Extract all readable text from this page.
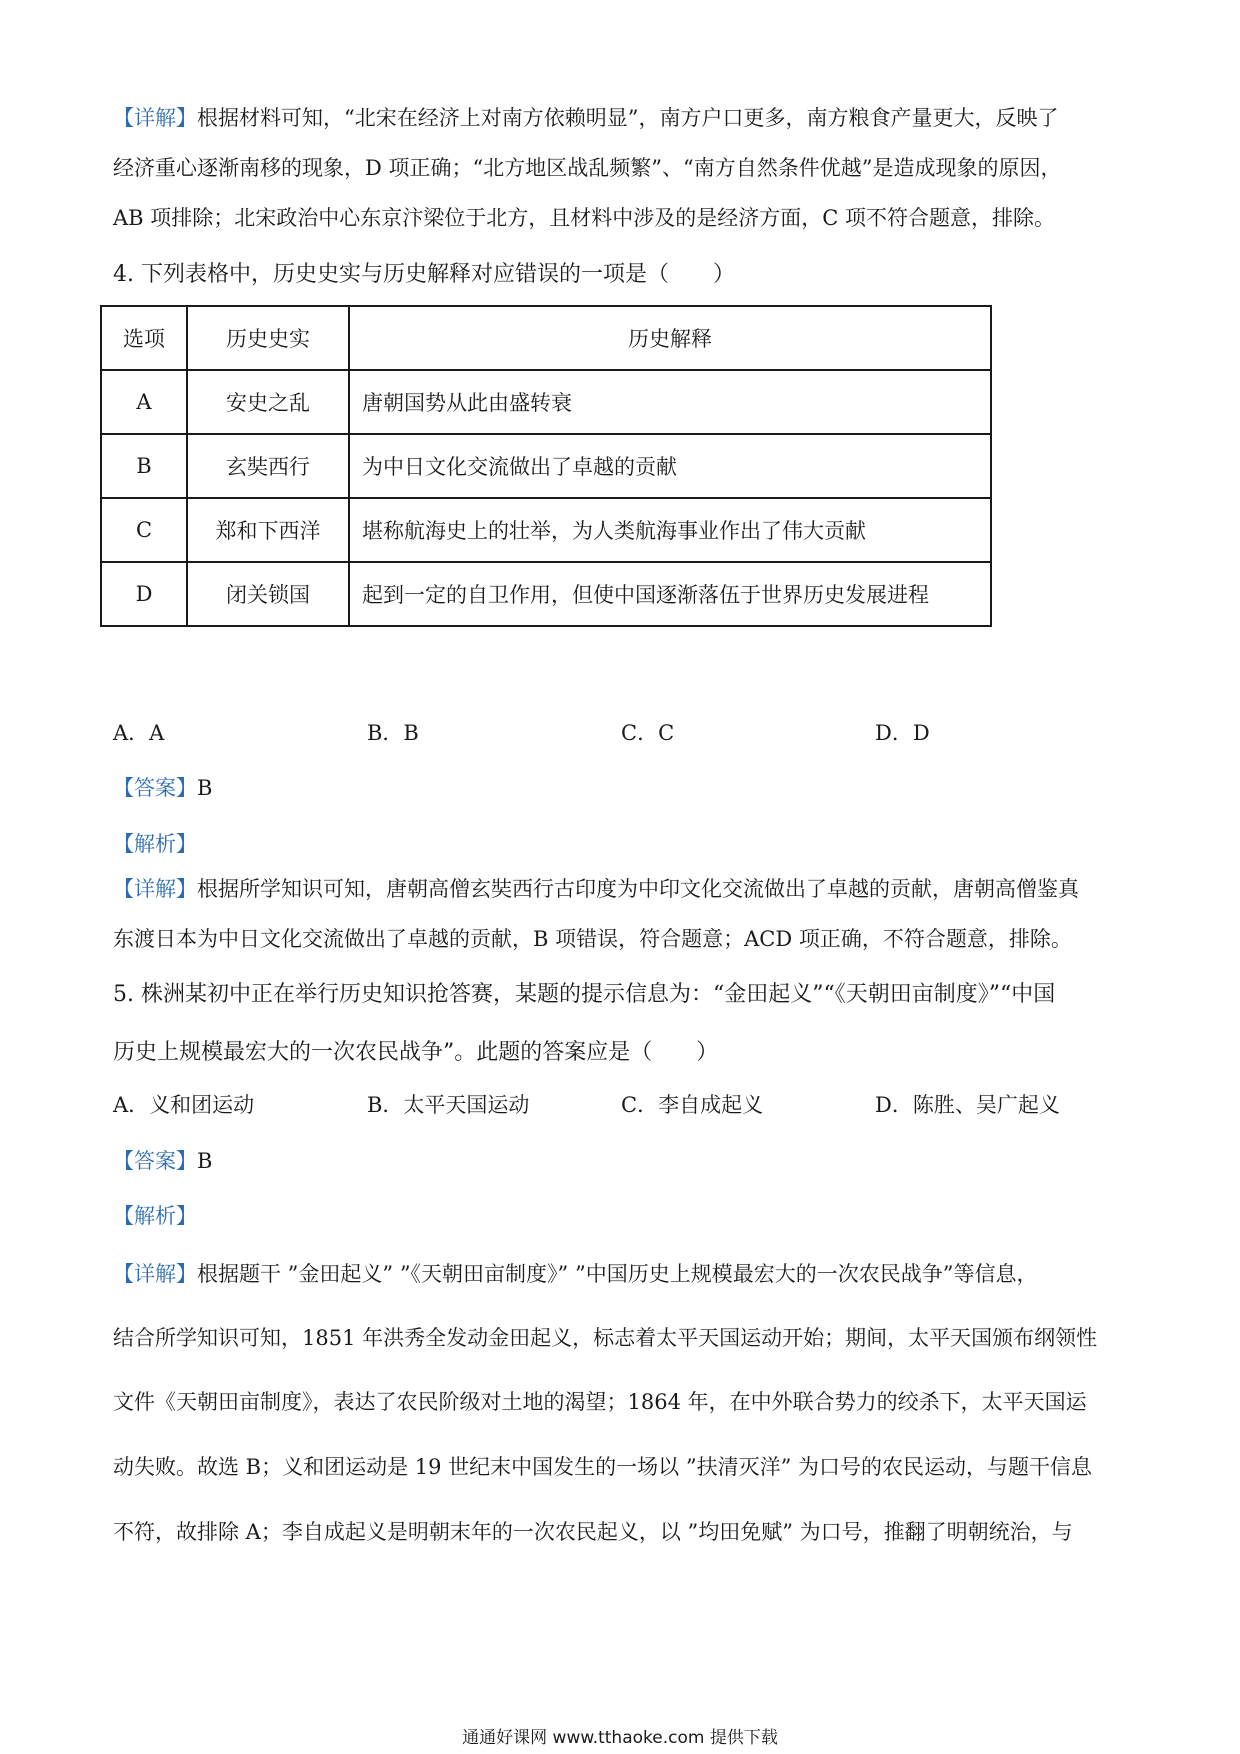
【详解】根据材料可知，“北宋在经济上对南方依赖明显”，南方户口更多，南方粮食产量更大，反映了

经济重心逐渐南移的现象，D 项正确；“北方地区战乱频繁”、“南方自然条件优越”是造成现象的原因，

AB 项排除；北宋政治中心东京汴梁位于北方，且材料中涉及的是经济方面，C 项不符合题意，排除。

4. 下列表格中，历史史实与历史解释对应错误的一项是（　　）

选项	历史史实	历史解释
A	安史之乱	唐朝国势从此由盛转衰
B	玄奘西行	为中日文化交流做出了卓越的贡献
C	郑和下西洋	堪称航海史上的壮举，为人类航海事业作出了伟大贡献
D	闭关锁国	起到一定的自卫作用，但使中国逐渐落伍于世界历史发展进程
A．A	B．B	C．C	D．D

【答案】B

【解析】

【详解】根据所学知识可知，唐朝高僧玄奘西行古印度为中印文化交流做出了卓越的贡献，唐朝高僧鉴真

东渡日本为中日文化交流做出了卓越的贡献，B 项错误，符合题意；ACD 项正确，不符合题意，排除。

5. 株洲某初中正在举行历史知识抢答赛，某题的提示信息为：“金田起义”“《天朝田亩制度》”“中国

历史上规模最宏大的一次农民战争”。此题的答案应是（　　）

A．义和团运动	B．太平天国运动	C．李自成起义	D．陈胜、吴广起义

【答案】B

【解析】

【详解】根据题干 ”金田起义” ”《天朝田亩制度》” ”中国历史上规模最宏大的一次农民战争”等信息，

结合所学知识可知，1851 年洪秀全发动金田起义，标志着太平天国运动开始；期间，太平天国颁布纲领性

文件《天朝田亩制度》，表达了农民阶级对土地的渴望；1864 年，在中外联合势力的绞杀下，太平天国运

动失败。故选 B；义和团运动是 19 世纪末中国发生的一场以 ”扶清灭洋” 为口号的农民运动，与题干信息

不符，故排除 A；李自成起义是明朝末年的一次农民起义，以 ”均田免赋” 为口号，推翻了明朝统治，与

通通好课网 www.tthaoke.com 提供下载
